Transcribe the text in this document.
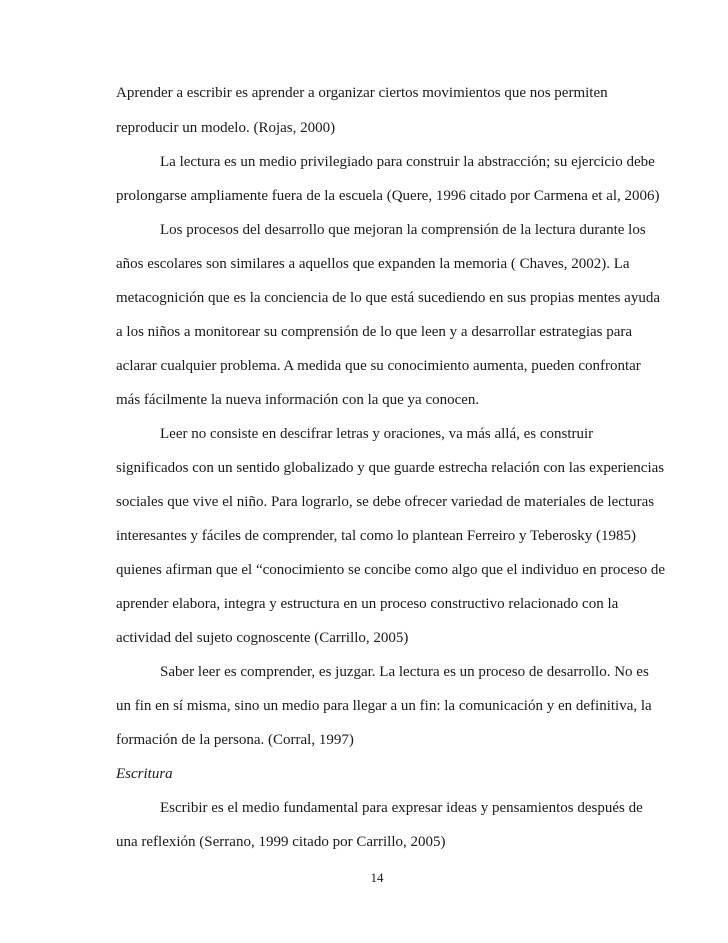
Aprender a escribir es aprender a organizar ciertos movimientos que nos permiten
reproducir un modelo. (Rojas, 2000)
La lectura es un medio privilegiado para construir la abstracción; su ejercicio debe
prolongarse ampliamente fuera de la escuela (Quere, 1996 citado por Carmena et al, 2006)
Los procesos del desarrollo que mejoran la comprensión de la lectura durante los
años escolares son similares a aquellos que expanden la memoria ( Chaves, 2002). La
metacognición que es la conciencia de lo que está sucediendo en sus propias mentes ayuda
a los niños a monitorear su comprensión de lo que leen y a desarrollar estrategias para
aclarar cualquier problema. A medida que su conocimiento aumenta, pueden confrontar
más fácilmente la nueva información con la que ya conocen.
Leer no consiste en descifrar letras y oraciones, va más allá, es construir
significados con un sentido globalizado y que guarde estrecha relación con las experiencias
sociales que vive el niño. Para lograrlo, se debe ofrecer variedad de materiales de lecturas
interesantes y fáciles de comprender, tal como lo plantean Ferreiro y Teberosky (1985)
quienes afirman que el “conocimiento se concibe como algo que el individuo en proceso de
aprender elabora, integra y estructura en un proceso constructivo relacionado con la
actividad del sujeto cognoscente (Carrillo, 2005)
Saber leer es comprender, es juzgar. La lectura es un proceso de desarrollo. No es
un fin en sí misma, sino un medio para llegar a un fin: la comunicación y en definitiva, la
formación de la persona. (Corral, 1997)
Escritura
Escribir es el medio fundamental para expresar ideas y pensamientos después de
una reflexión (Serrano, 1999 citado por Carrillo, 2005)
14
